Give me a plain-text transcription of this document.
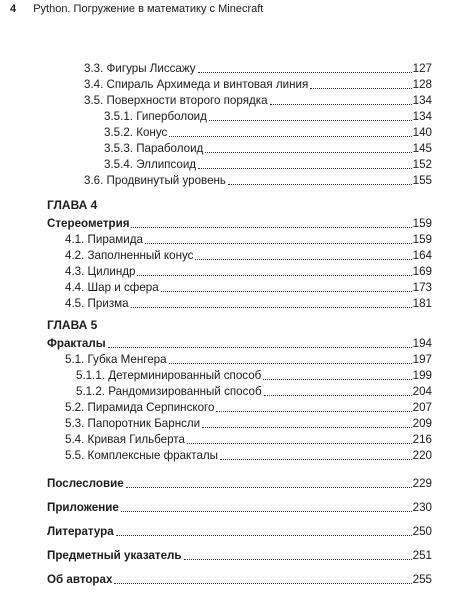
4 Python. Погружение в математику с Minecraft
3.3. Фигуры Лиссажу	127
3.4. Спираль Архимеда и винтовая линия	128
3.5. Поверхности второго порядка	134
3.5.1. Гиперболоид	134
3.5.2. Конус	140
3.5.3. Параболоид	145
3.5.4. Эллипсоид	152
3.6. Продвинутый уровень	155
ГЛАВА 4
Стереометрия	159
4.1. Пирамида	159
4.2. Заполненный конус	164
4.3. Цилиндр	169
4.4. Шар и сфера	173
4.5. Призма	181
ГЛАВА 5
Фракталы	194
5.1. Губка Менгера	197
5.1.1. Детерминированный способ	199
5.1.2. Рандомизированный способ	204
5.2. Пирамида Серпинского	207
5.3. Папоротник Барнсли	209
5.4. Кривая Гильберта	216
5.5. Комплексные фракталы	220
Послесловие	229
Приложение	230
Литература	250
Предметный указатель	251
Об авторах	255
